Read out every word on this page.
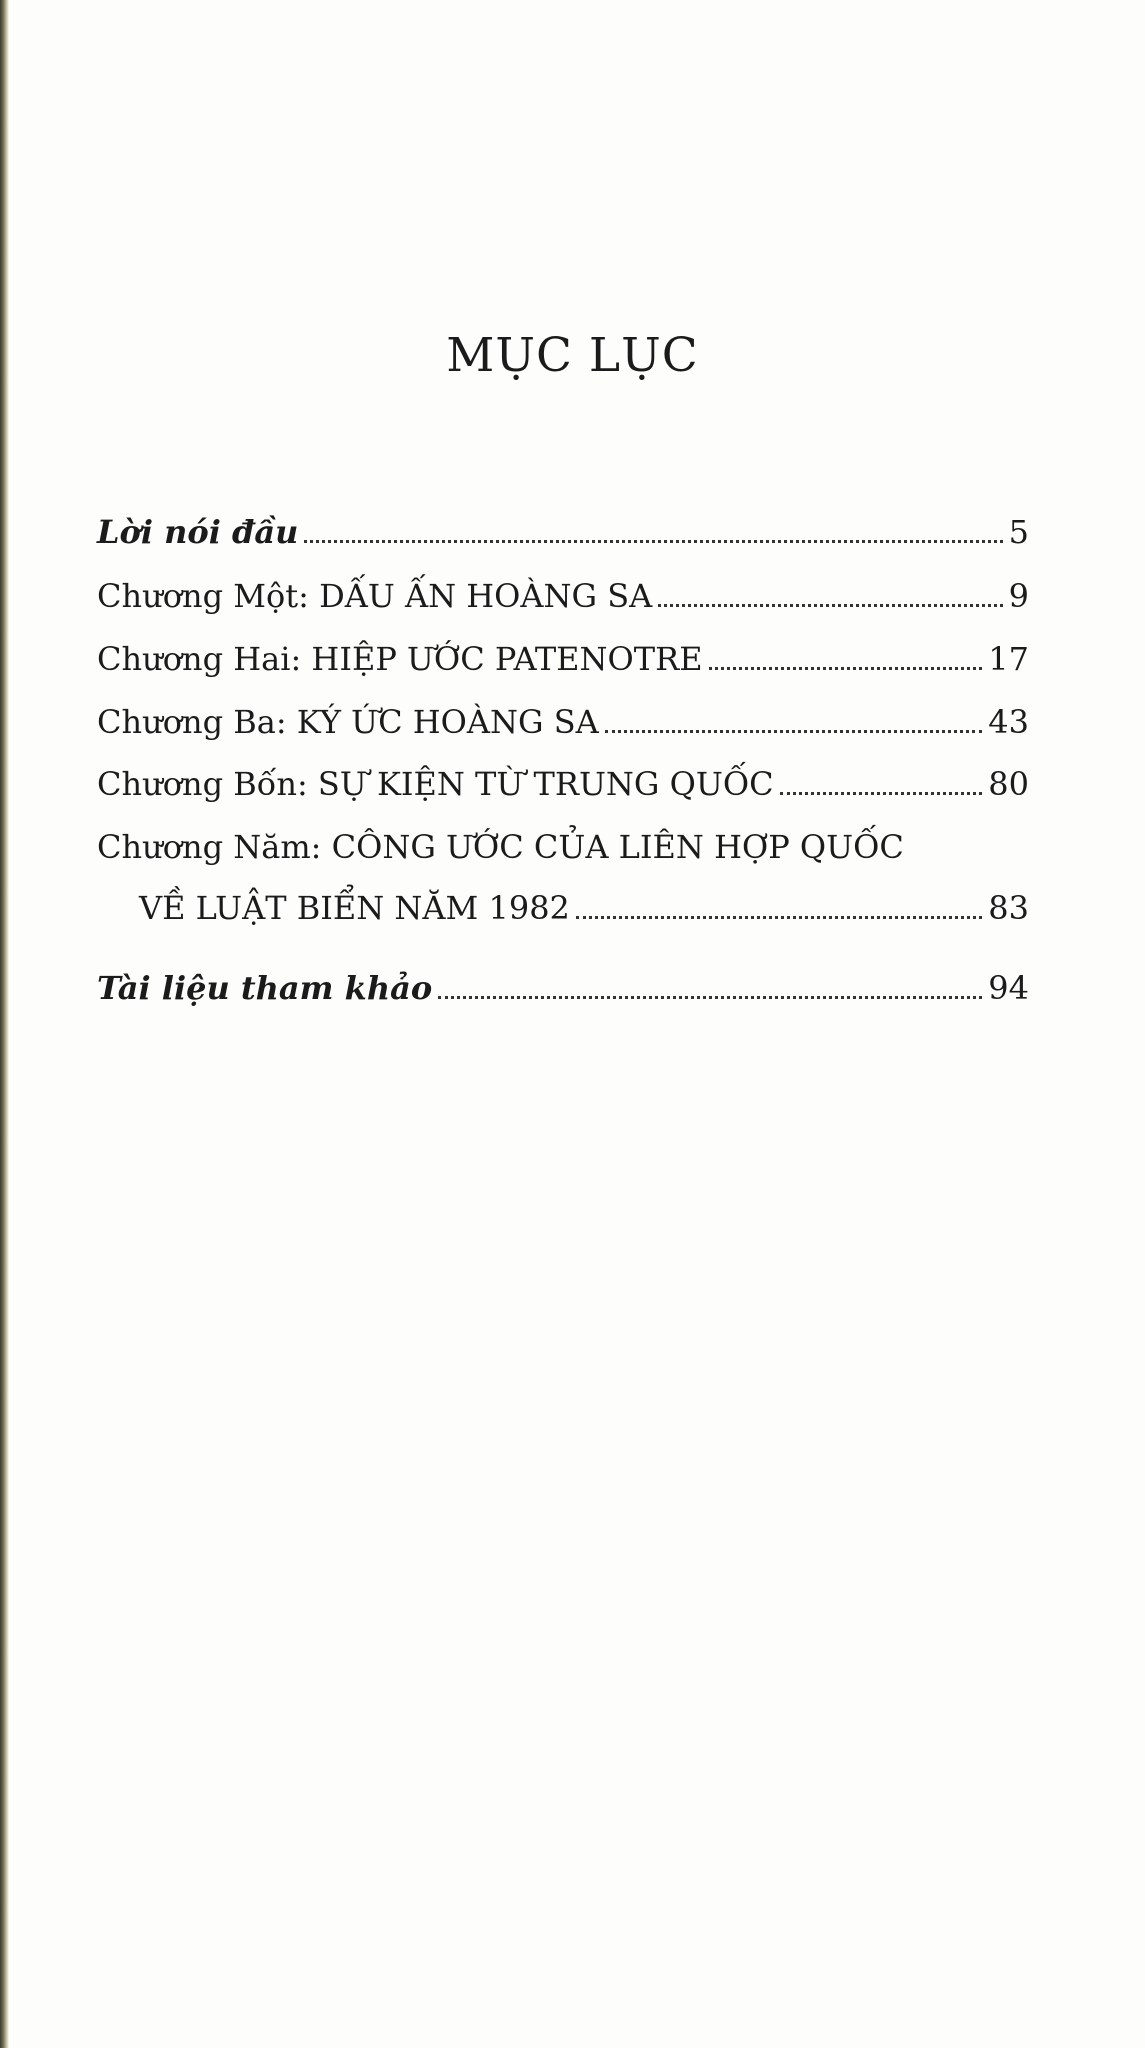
MỤC LỤC
Lời nói đầu	5
Chương Một: DẤU ẤN HOÀNG SA	9
Chương Hai: HIỆP ƯỚC PATENOTRE	17
Chương Ba: KÝ ỨC HOÀNG SA	43
Chương Bốn: SỰ KIỆN TỪ TRUNG QUỐC	80
Chương Năm: CÔNG ƯỚC CỦA LIÊN HỢP QUỐC
VỀ LUẬT BIỂN NĂM 1982	83
Tài liệu tham khảo	94
